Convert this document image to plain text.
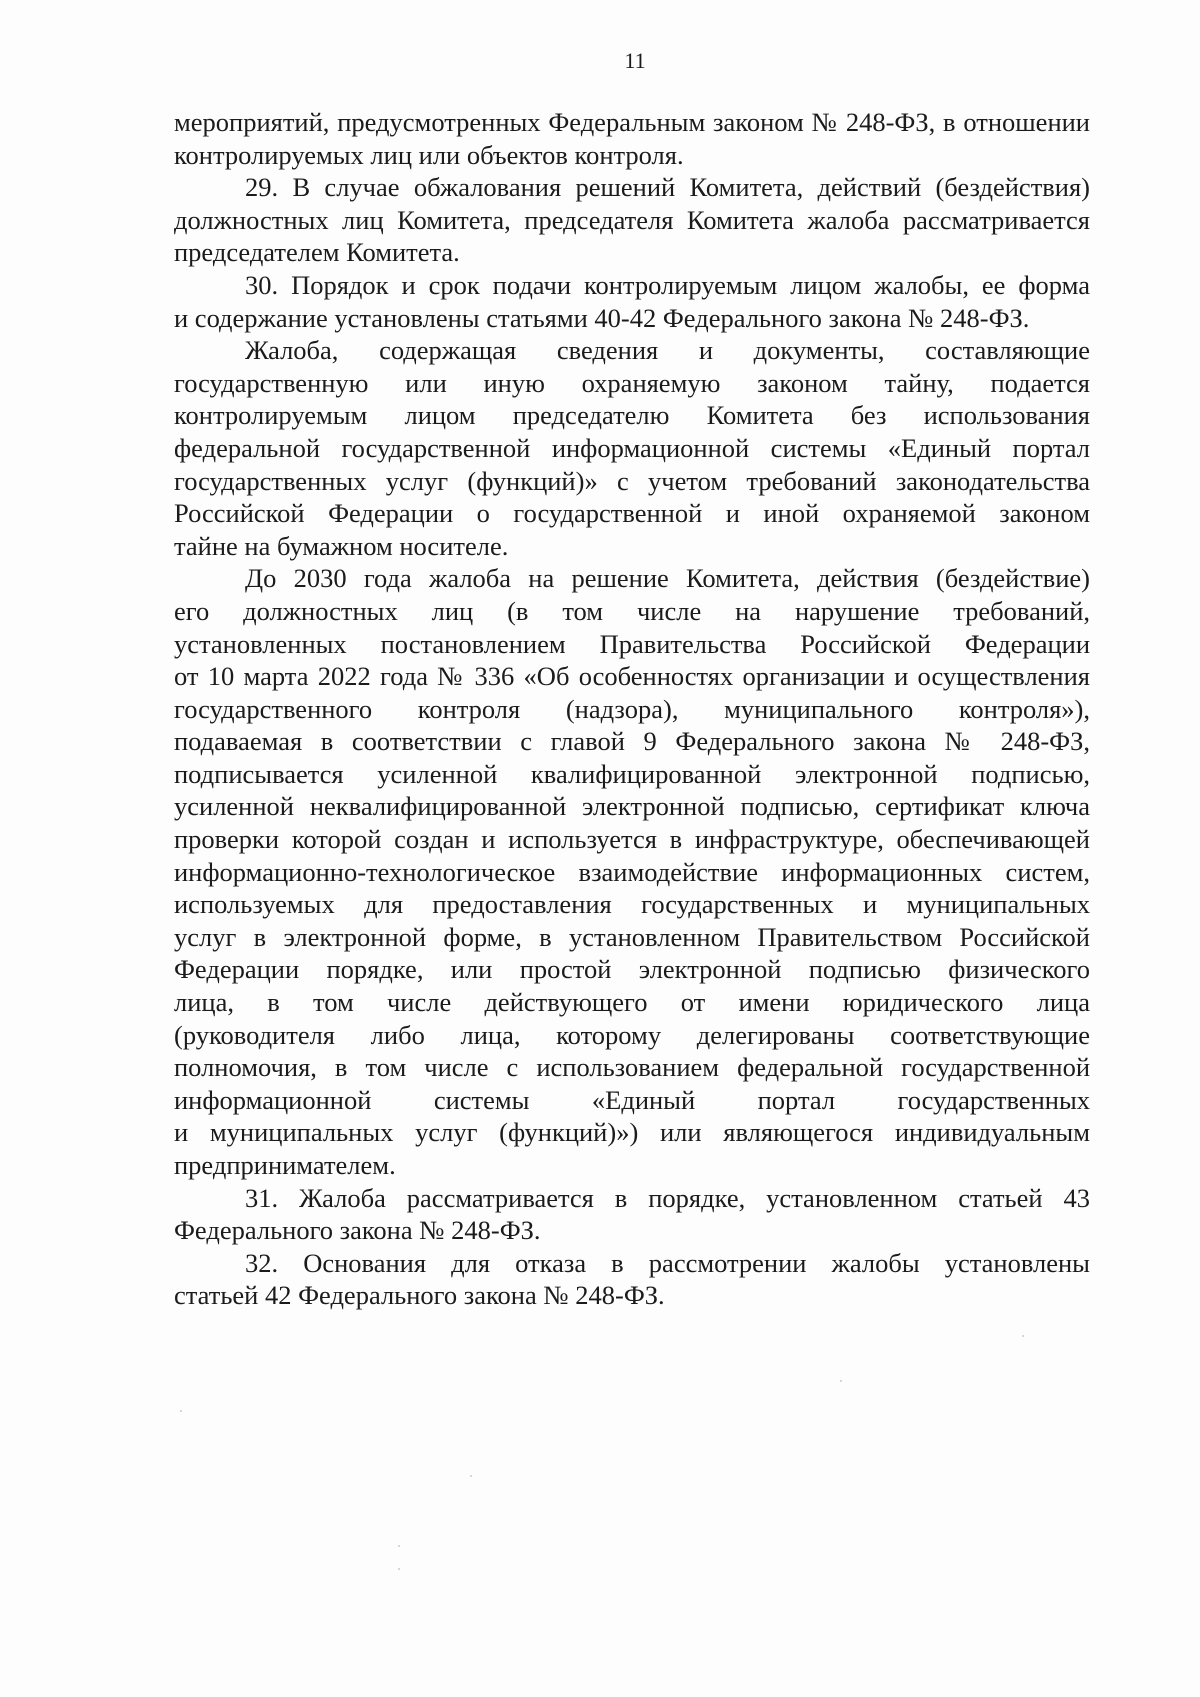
11
мероприятий, предусмотренных Федеральным законом № 248-ФЗ, в отношении
контролируемых лиц или объектов контроля.
29. В случае обжалования решений Комитета, действий (бездействия)
должностных лиц Комитета, председателя Комитета жалоба рассматривается
председателем Комитета.
30. Порядок и срок подачи контролируемым лицом жалобы, ее форма
и содержание установлены статьями 40-42 Федерального закона № 248-ФЗ.
Жалоба, содержащая сведения и документы, составляющие
государственную или иную охраняемую законом тайну, подается
контролируемым лицом председателю Комитета без использования
федеральной государственной информационной системы «Единый портал
государственных услуг (функций)» с учетом требований законодательства
Российской Федерации о государственной и иной охраняемой законом
тайне на бумажном носителе.
До 2030 года жалоба на решение Комитета, действия (бездействие)
его должностных лиц (в том числе на нарушение требований,
установленных постановлением Правительства Российской Федерации
от 10 марта 2022 года № 336 «Об особенностях организации и осуществления
государственного контроля (надзора), муниципального контроля»),
подаваемая в соответствии с главой 9 Федерального закона № 248-ФЗ,
подписывается усиленной квалифицированной электронной подписью,
усиленной неквалифицированной электронной подписью, сертификат ключа
проверки которой создан и используется в инфраструктуре, обеспечивающей
информационно-технологическое взаимодействие информационных систем,
используемых для предоставления государственных и муниципальных
услуг в электронной форме, в установленном Правительством Российской
Федерации порядке, или простой электронной подписью физического
лица, в том числе действующего от имени юридического лица
(руководителя либо лица, которому делегированы соответствующие
полномочия, в том числе с использованием федеральной государственной
информационной системы «Единый портал государственных
и муниципальных услуг (функций)») или являющегося индивидуальным
предпринимателем.
31. Жалоба рассматривается в порядке, установленном статьей 43
Федерального закона № 248-ФЗ.
32. Основания для отказа в рассмотрении жалобы установлены
статьей 42 Федерального закона № 248-ФЗ.
